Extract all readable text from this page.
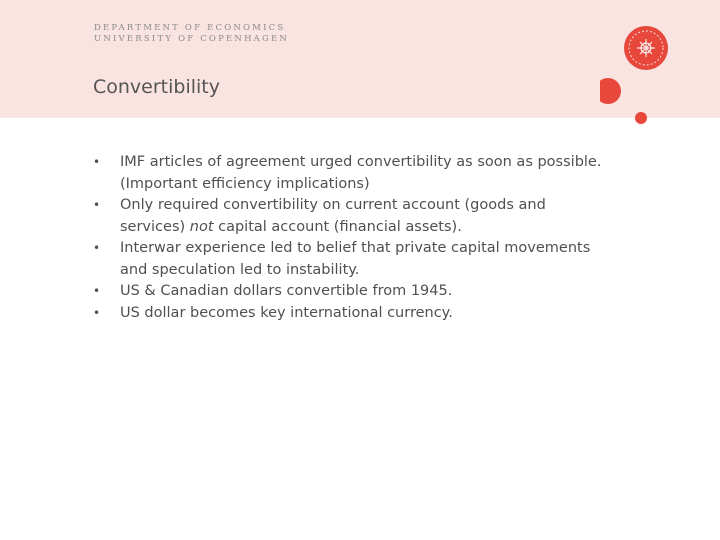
DEPARTMENT OF ECONOMICS
UNIVERSITY OF COPENHAGEN
Convertibility
• IMF articles of agreement urged convertibility as soon as possible. (Important efficiency implications)
• Only required convertibility on current account (goods and services) not capital account (financial assets).
• Interwar experience led to belief that private capital movements and speculation led to instability.
• US & Canadian dollars convertible from 1945.
• US dollar becomes key international currency.
